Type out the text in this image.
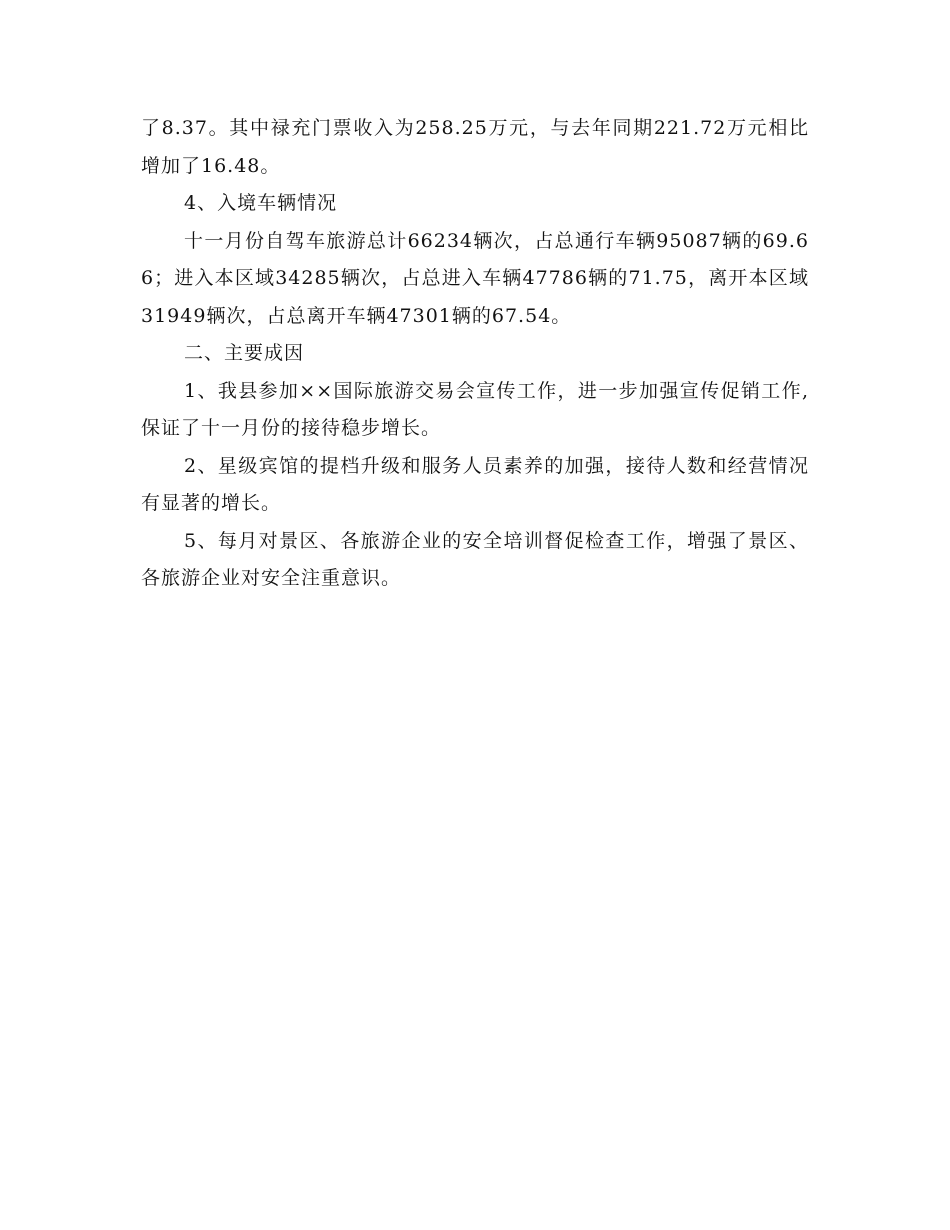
了8.37。其中禄充门票收入为258.25万元，与去年同期221.72万元相比增加了16.48。

4、入境车辆情况

十一月份自驾车旅游总计66234辆次，占总通行车辆95087辆的69.66；进入本区域34285辆次，占总进入车辆47786辆的71.75，离开本区域31949辆次，占总离开车辆47301辆的67.54。

二、主要成因

1、我县参加××国际旅游交易会宣传工作，进一步加强宣传促销工作,保证了十一月份的接待稳步增长。

2、星级宾馆的提档升级和服务人员素养的加强，接待人数和经营情况有显著的增长。

5、每月对景区、各旅游企业的安全培训督促检查工作，增强了景区、各旅游企业对安全注重意识。
